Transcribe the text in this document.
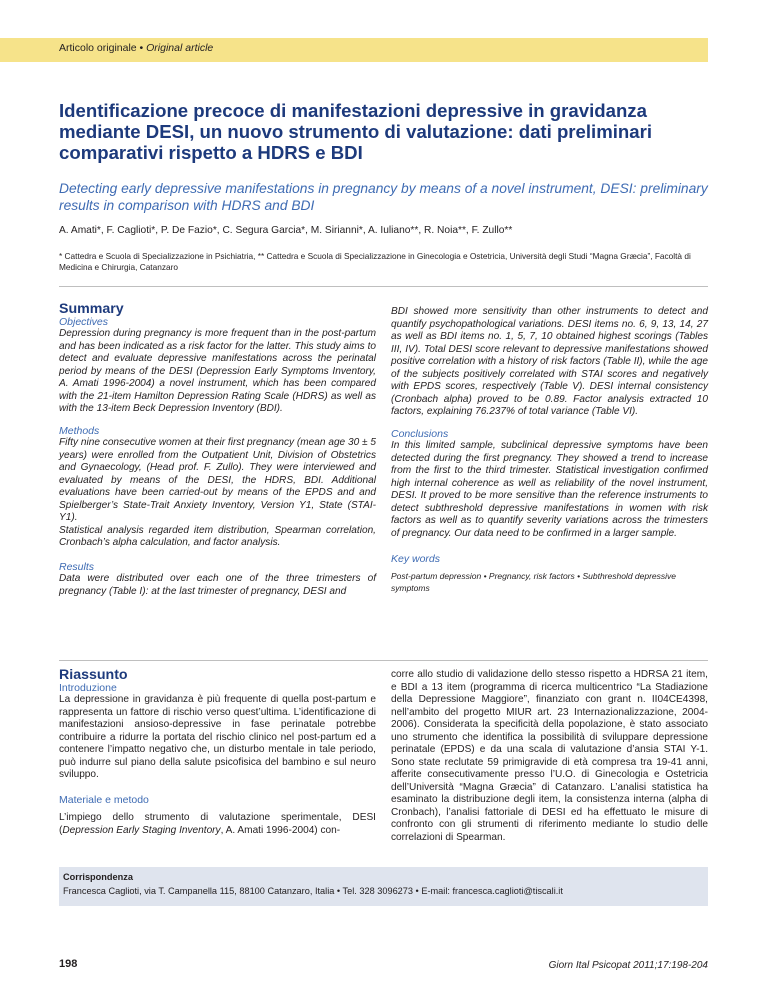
Articolo originale • Original article
Identificazione precoce di manifestazioni depressive in gravidanza mediante DESI, un nuovo strumento di valutazione: dati preliminari comparativi rispetto a HDRS e BDI

Detecting early depressive manifestations in pregnancy by means of a novel instrument, DESI: preliminary results in comparison with HDRS and BDI

A. Amati*, F. Caglioti*, P. De Fazio*, C. Segura Garcia*, M. Sirianni*, A. Iuliano**, R. Noia**, F. Zullo**
* Cattedra e Scuola di Specializzazione in Psichiatria, ** Cattedra e Scuola di Specializzazione in Ginecologia e Ostetricia, Università degli Studi “Magna Græcia”, Facoltà di Medicina e Chirurgia, Catanzaro

Summary

Objectives

Depression during pregnancy is more frequent than in the post-partum and has been indicated as a risk factor for the latter. This study aims to detect and evaluate depressive manifestations across the perinatal period by means of the DESI (Depression Early Symptoms Inventory, A. Amati 1996-2004) a novel instrument, which has been compared with the 21-item Hamilton Depression Rating Scale (HDRS) as well as with the 13-item Beck Depression Inventory (BDI).

Methods

Fifty nine consecutive women at their first pregnancy (mean age 30 ± 5 years) were enrolled from the Outpatient Unit, Division of Obstetrics and Gynaecology, (Head prof. F. Zullo). They were interviewed and evaluated by means of the DESI, the HDRS, BDI. Additional evaluations have been carried-out by means of the EPDS and and Spielberger’s State-Trait Anxiety Inventory, Version Y1, State (STAI-Y1).

Statistical analysis regarded item distribution, Spearman correlation, Cronbach’s alpha calculation, and factor analysis.

Results

Data were distributed over each one of the three trimesters of pregnancy (Table I): at the last trimester of pregnancy, DESI and

BDI showed more sensitivity than other instruments to detect and quantify psychopathological variations. DESI items no. 6, 9, 13, 14, 27 as well as BDI items no. 1, 5, 7, 10 obtained highest scorings (Tables III, IV). Total DESI score relevant to depressive manifestations showed positive correlation with a history of risk factors (Table II), while the age of the subjects positively correlated with STAI scores and negatively with EPDS scores, respectively (Table V). DESI internal consistency (Cronbach alpha) proved to be 0.89. Factor analysis extracted 10 factors, explaining 76.237% of total variance (Table VI).

Conclusions

In this limited sample, subclinical depressive symptoms have been detected during the first pregnancy. They showed a trend to increase from the first to the third trimester. Statistical investigation confirmed high internal coherence as well as reliability of the novel instrument, DESI. It proved to be more sensitive than the reference instruments to detect subthreshold depressive manifestations in women with risk factors as well as to quantify severity variations across the trimesters of pregnancy. Our data need to be confirmed in a larger sample.

Key words

Post-partum depression • Pregnancy, risk factors • Subthreshold depressive symptoms

Riassunto

Introduzione

La depressione in gravidanza è più frequente di quella post-partum e rappresenta un fattore di rischio verso quest’ultima. L’identificazione di manifestazioni ansioso-depressive in fase perinatale potrebbe contribuire a ridurre la portata del rischio clinico nel post-partum ed a contenere l’impatto negativo che, un disturbo mentale in tale periodo, può indurre sul piano della salute psicofisica del bambino e sul neuro sviluppo.

Materiale e metodo

L’impiego dello strumento di valutazione sperimentale, DESI (Depression Early Staging Inventory, A. Amati 1996-2004) con-

corre allo studio di validazione dello stesso rispetto a HDRSA 21 item, e BDI a 13 item (programma di ricerca multicentrico “La Stadiazione della Depressione Maggiore”, finanziato con grant n. II04CE4398, nell’ambito del progetto MIUR art. 23 Internazionalizzazione, 2004-2006). Considerata la specificità della popolazione, è stato associato uno strumento che identifica la possibilità di sviluppare depressione perinatale (EPDS) e da una scala di valutazione d’ansia STAI Y-1. Sono state reclutate 59 primigravide di età compresa tra 19-41 anni, afferite consecutivamente presso l’U.O. di Ginecologia e Ostetricia dell’Università “Magna Græcia” di Catanzaro. L’analisi statistica ha esaminato la distribuzione degli item, la consistenza interna (alpha di Cronbach), l’analisi fattoriale di DESI ed ha effettuato le misure di confronto con gli strumenti di riferimento mediante lo studio delle correlazioni di Spearman.

Corrispondenza
Francesca Caglioti, via T. Campanella 115, 88100 Catanzaro, Italia • Tel. 328 3096273 • E-mail: francesca.caglioti@tiscali.it
198	Giorn Ital Psicopat 2011;17:198-204
